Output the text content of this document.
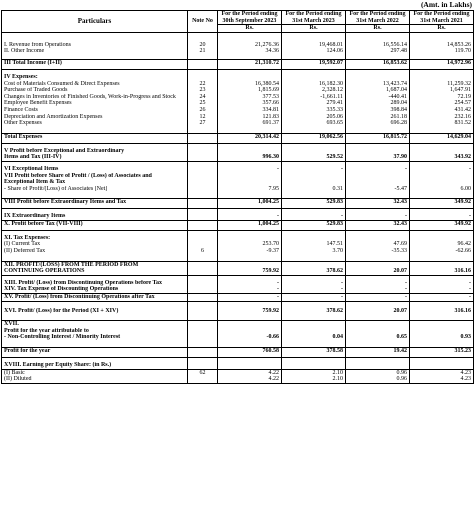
(Amt. in Lakhs)
Particulars	Note No	For the Period ending 30th September 2023	For the Period ending 31st March 2023	For the Period ending 31st March 2022	For the Period ending 31st March 2021
		Rs.	Rs.	Rs.	Rs.

I. Revenue from Operations	20	21,276.36	19,468.01	16,556.14	14,853.26
II. Other Income	21	34.36	124.06	297.48	119.70

III Total Income (I+II)		21,310.72	19,592.07	16,853.62	14,972.96

IV Expenses:					
Cost of Materials Consumed & Direct Expenses	22	16,380.54	16,182.30	13,423.74	11,259.32
Purchase of Traded Goods	23	1,815.69	2,328.12	1,687.04	1,647.91
Changes in Inventories of Finished Goods, Work-in-Progress and Stock	24	377.53	-1,661.11	-440.41	72.19
Employee Benefit Expenses	25	357.66	279.41	289.04	254.57
Finance Costs	26	334.81	335.33	398.84	431.42
Depreciation and Amortization Expenses	12	121.83	205.06	261.18	232.16
Other Expenses	27	691.37	693.65	696.28	831.52

Total Expenses		20,314.42	19,062.56	16,815.72	14,629.04

V Profit before Exceptional and Extraordinary					
Items and Tax (III-IV)		996.30	529.52	37.90	343.92

VI Exceptional Items		-	-	-	-
VII Profit before Share of Profit / (Loss) of Associates and					
Exceptional Item & Tax					
- Share of Profit/(Loss) of Associates [Net]		7.95	0.31	-5.47	6.00

VIII Profit before Extraordinary Items and Tax		1,004.25	529.83	32.43	349.92

IX Extraordinary Items		-	-	-	-
X. Profit before Tax (VII-VIII)		1,004.25	529.83	32.43	349.92

XI. Tax Expenses:					
(I) Current Tax		253.70	147.51	47.69	96.42
(II) Deferred Tax	6	-9.37	3.70	-35.33	-62.66

XII. PROFIT/(LOSS) FROM THE PERIOD FROM					
CONTINUING OPERATIONS		759.92	378.62	20.07	316.16

XIII. Profit/ (Loss) from Discontinuing Operations before Tax		-	-	-	-
XIV. Tax Expense of Discounting Operations		-	-	-	-
XV. Profit/ (Loss) from Discontinuing Operations after Tax		-	-	-	-

XVI. Profit/ (Loss) for the Period (XI + XIV)		759.92	378.62	20.07	316.16

XVII.					
Profit for the year attributable to					
- Non-Controlling Interest / Minority Interest		-0.66	0.04	0.65	0.93

Profit for the year		760.58	378.58	19.42	315.23

XVIII. Earning per Equity Share: (in Rs.)					
(I) Basic	62	4.22	2.10	0.96	4.23
(II) Diluted		4.22	2.10	0.96	4.23
